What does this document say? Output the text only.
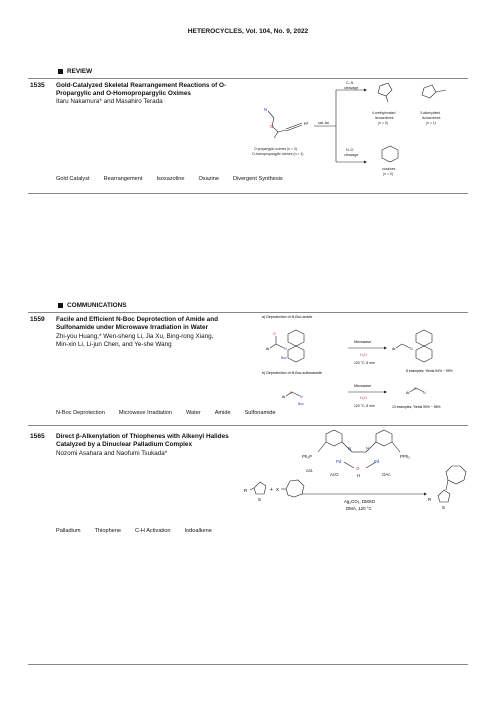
HETEROCYCLES, Vol. 104, No. 9, 2022
REVIEW
1535 Gold-Catalyzed Skeletal Rearrangement Reactions of O-
Propargylic and O-Homopropargylic Oximes
Itaru Nakamura* and Masahiro Terada
N
O
R³
O-propargylic oximes (n = 0)
O-homopropargylic oximes (n = 1)
cat. Au
C–N
cleavage
N–O
cleavage
4-methylenated
isoxazolines
(n = 0)
3-alkenylated
isoxazolines
(n = 1)
oxazines
(n = 0)
Gold Catalyst	Rearrangement	Isoxazoline	Oxazine	Divergent Synthesis
COMMUNICATIONS
1559 Facile and Efficient N-Boc Deprotection of Amide and
Sulfonamide under Microwave Irradiation in Water
Zhi-you Huang,* Wen-sheng Li, Jia Xu, Bing-rong Xiang,
Min-xin Li, Li-jun Chen, and Ye-she Wang
a) Deprotection of N-Boc amide
Ar	N
O
Boc
Microwave
H₂O
120 °C, 8 min
Ar	N
8 examples; Yields 94% ~ 99%
b) Deprotection of N-Boc sulfonamide
Ar
S
N
Boc
Microwave
H₂O
120 °C, 8 min
Ar
S
N
13 examples; Yields 90% ~ 98%
N-Boc Deprotection	Microwave Irradiation	Water	Amide	Sulfonamide
1565 Direct β-Alkenylation of Thiophenes with Alkenyl Halides
Catalyzed by a Dinuclear Palladium Complex
Nozomi Asahara and Naofumi Tsukada*	Ph₂P	PPh₂
N	N
Pd	Pd
O
H
AcO	OAc
cat.
Ag₂CO₃, DMSO
DMA, 120 °C
R
S
+ X
R
S
Palladium	Thiophene	C-H Activation	Iodoalkene
